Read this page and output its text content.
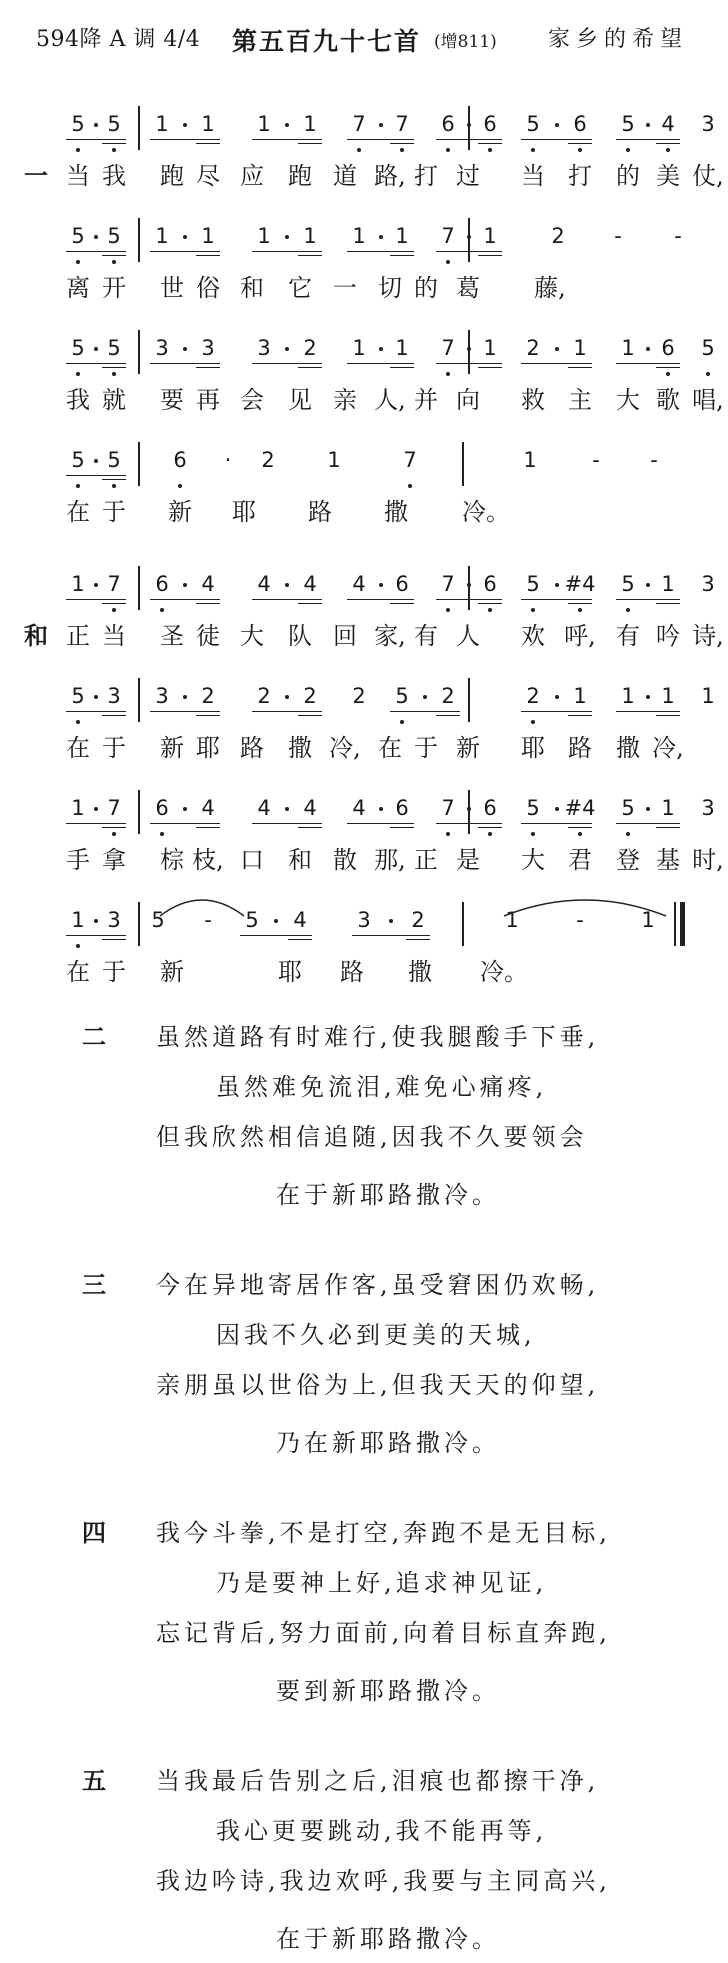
594降 A 调 4/4 第五百九十七首 (增811) 家乡的希望
5	5	1	1	1	1	7	7	6	6	5	6	5	4	3
一 当 我	跑 尽 应	跑 道 路, 打 过	当 打	的 美 仗,
5	5	1	1	1	1	1	1	7	1	2	-	-
离 开	世 俗 和	它 一 切 的 葛	藤,
5	5	3	3	3	2	1	1	7	1	2	1	1	6	5
我 就	要 再 会	见 亲 人, 并 向	救 主	大 歌 唱,
5	5	6	·	2	1	7	1	-	-
在 于	新	耶	路	撒	冷。
1	7	6	4	4	4	4	6	7	6	5	#4	5	1	3
和 正 当	圣 徒 大	队 回 家, 有 人	欢 呼, 有 吟 诗,
5	3	3	2	2	2	2	5	2	2	1	1	1	1
在 于	新 耶 路	撒 冷, 在 于 新	耶 路	撒 冷,
1	7	6	4	4	4	4	6	7	6	5	#4	5	1	3
手 拿	棕 枝, 口	和 散 那, 正 是	大 君	登 基 时,
1	3	5	-	5	4	3	2	1	-	1
在 于	新	耶	路	撒	冷。
二 虽然道路有时难行,使我腿酸手下垂,
虽然难免流泪,难免心痛疼,
但我欣然相信追随,因我不久要领会
在于新耶路撒冷。
三 今在异地寄居作客,虽受窘困仍欢畅,
因我不久必到更美的天城,
亲朋虽以世俗为上,但我天天的仰望,
乃在新耶路撒冷。
四 我今斗拳,不是打空,奔跑不是无目标,
乃是要神上好,追求神见证,
忘记背后,努力面前,向着目标直奔跑,
要到新耶路撒冷。
五 当我最后告别之后,泪痕也都擦干净,
我心更要跳动,我不能再等,
我边吟诗,我边欢呼,我要与主同高兴,
在于新耶路撒冷。
